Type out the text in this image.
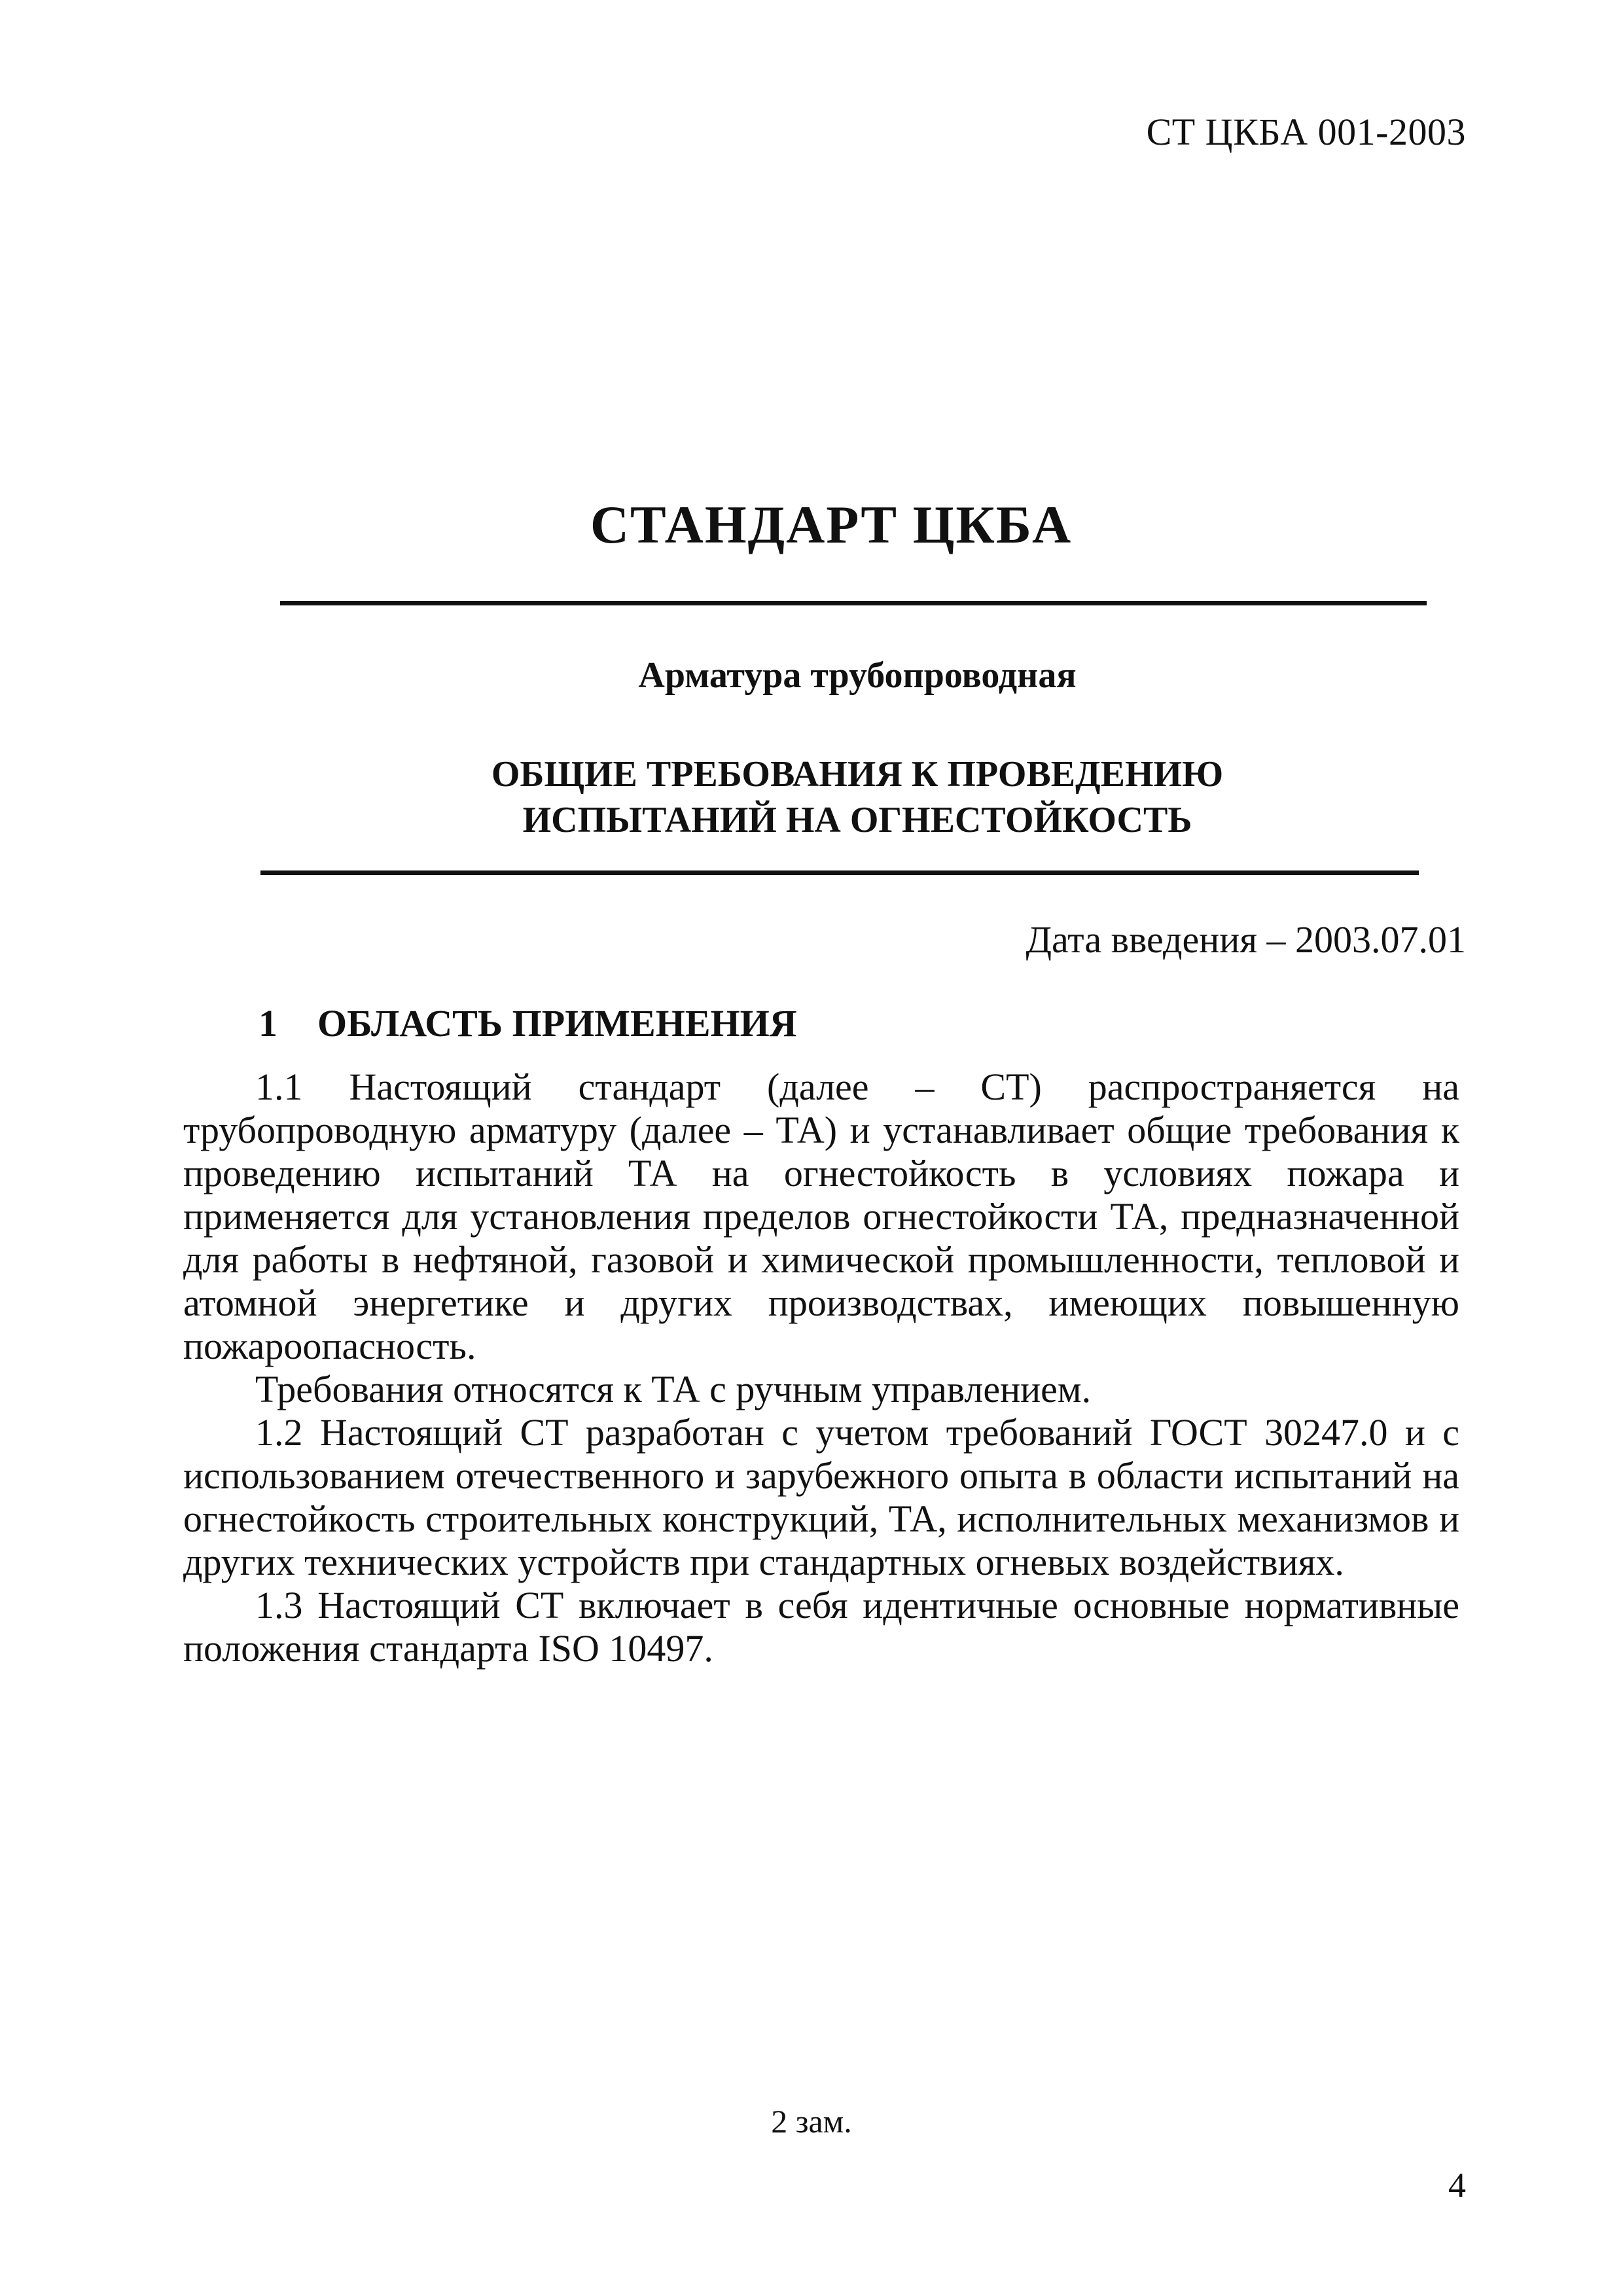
СТ ЦКБА 001-2003
СТАНДАРТ ЦКБА
Арматура трубопроводная
ОБЩИЕ ТРЕБОВАНИЯ К ПРОВЕДЕНИЮ
ИСПЫТАНИЙ НА ОГНЕСТОЙКОСТЬ
Дата введения – 2003.07.01
1 ОБЛАСТЬ ПРИМЕНЕНИЯ

1.1 Настоящий стандарт (далее – СТ) распространяется на трубопроводную арматуру (далее – ТА) и устанавливает общие требования к проведению испытаний ТА на огнестойкость в условиях пожара и применяется для установления пределов огнестойкости ТА, предназначенной для работы в нефтяной, газовой и химической промышленности, тепловой и атомной энергетике и других производствах, имеющих повышенную пожароопасность.

Требования относятся к ТА с ручным управлением.

1.2 Настоящий СТ разработан с учетом требований ГОСТ 30247.0 и с использованием отечественного и зарубежного опыта в области испытаний на огнестойкость строительных конструкций, ТА, исполнительных механизмов и других технических устройств при стандартных огневых воздействиях.

1.3 Настоящий СТ включает в себя идентичные основные нормативные положения стандарта ISO 10497.

2 зам.
4
